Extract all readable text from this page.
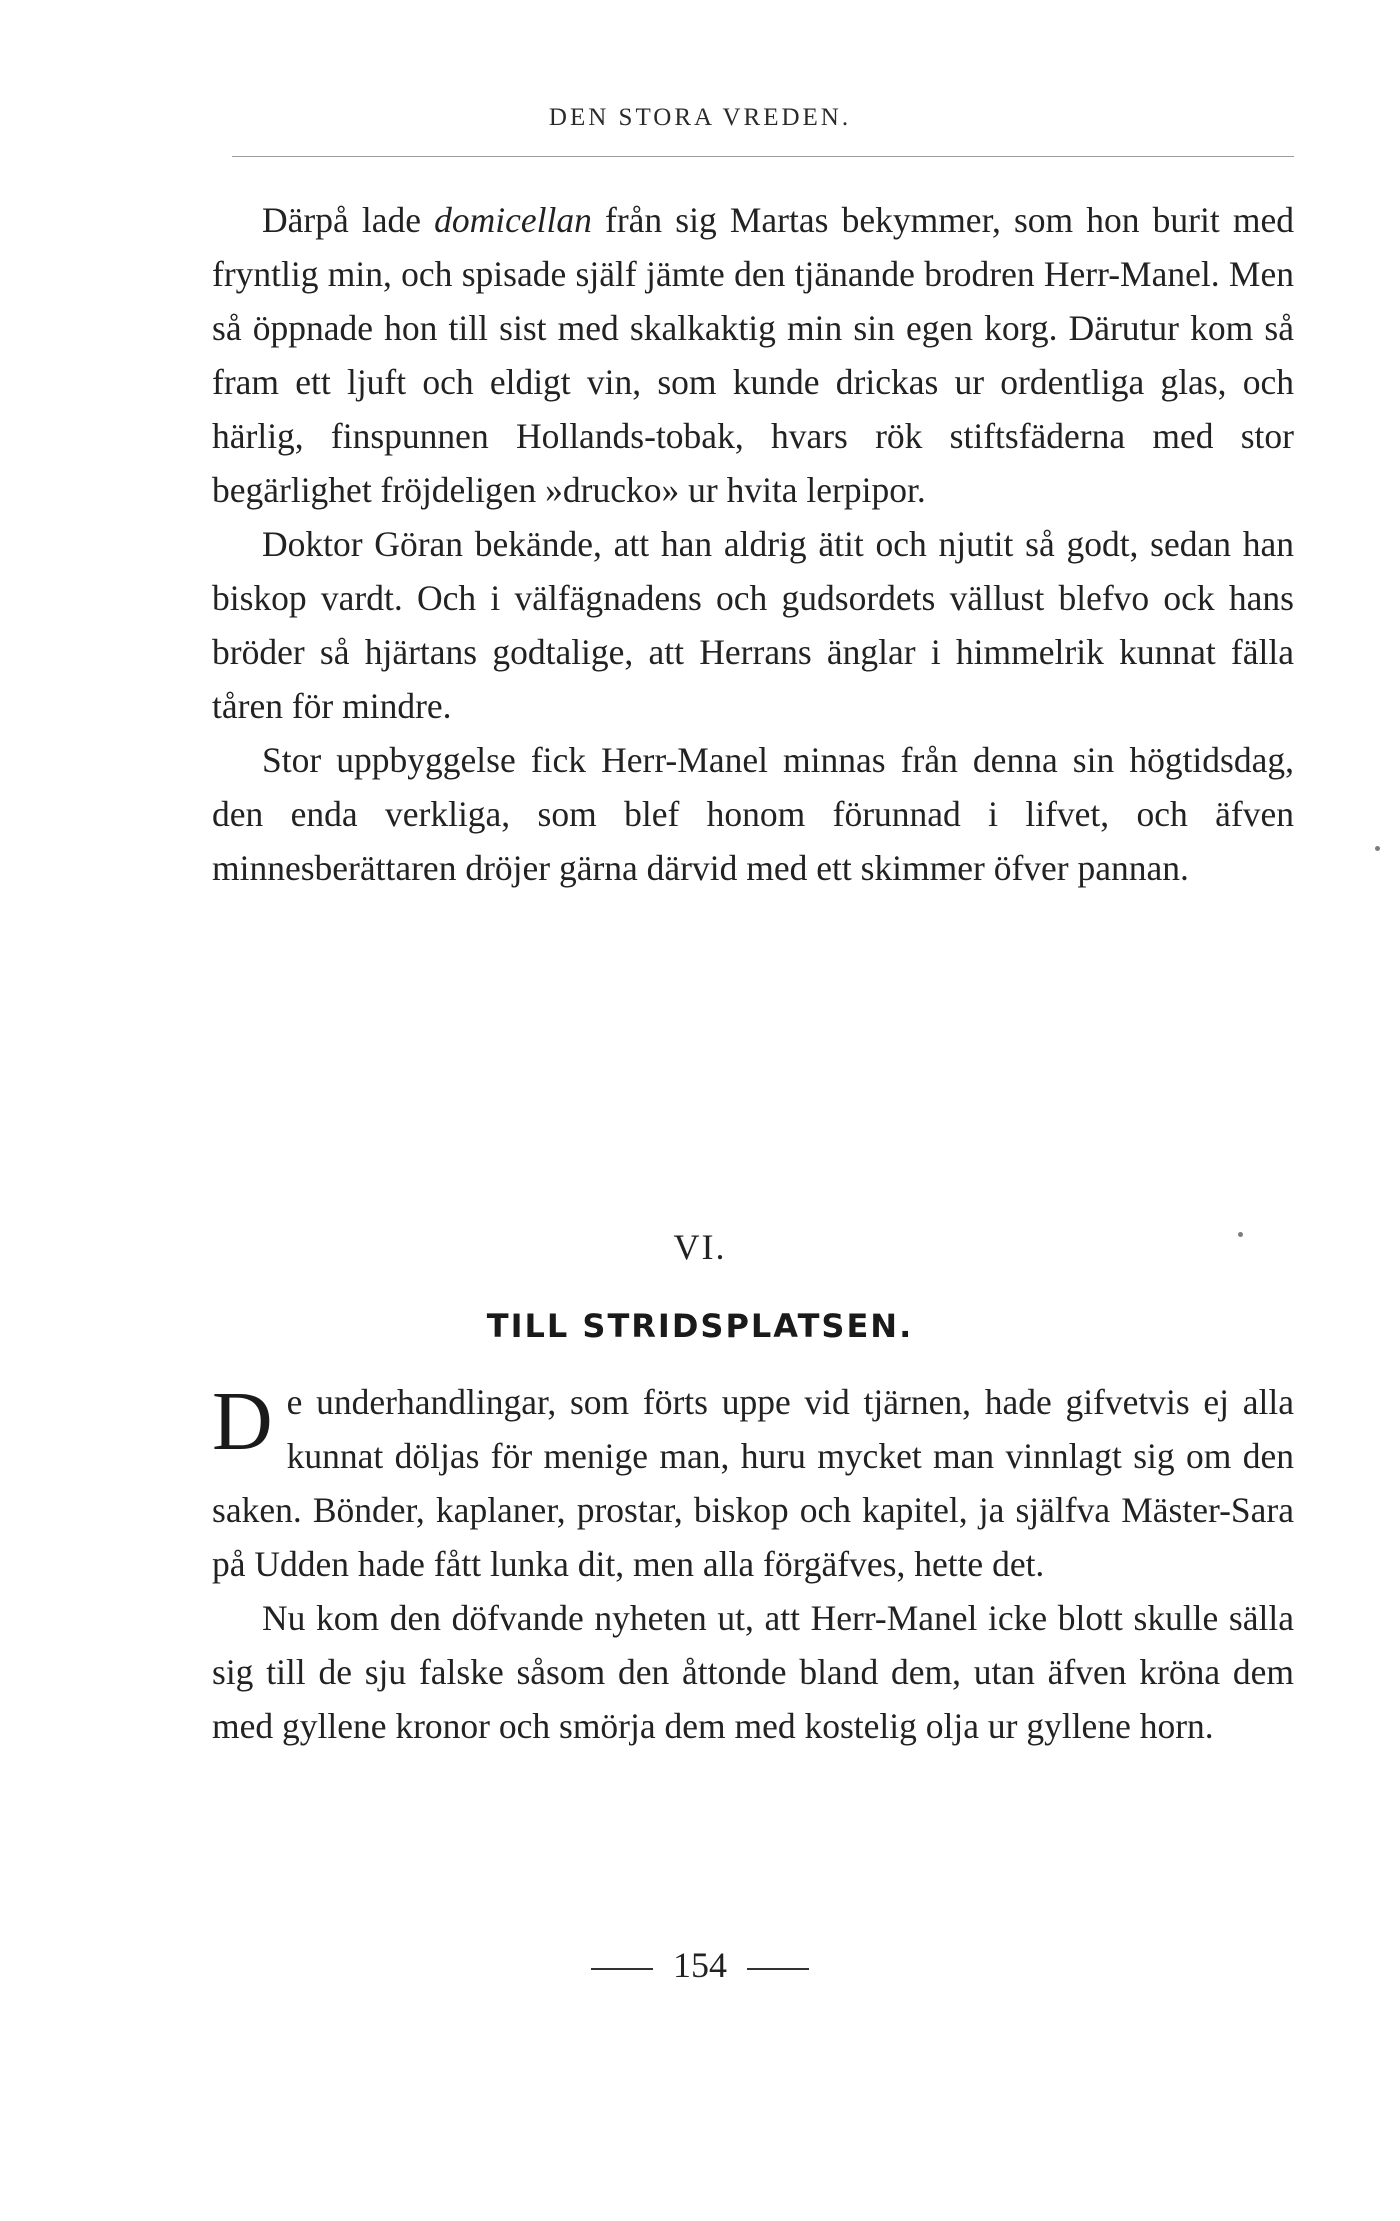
DEN STORA VREDEN.

Därpå lade domicellan från sig Martas bekymmer, som hon burit med fryntlig min, och spisade själf jämte den tjänande brodren Herr-Manel. Men så öppnade hon till sist med skalkaktig min sin egen korg. Därutur kom så fram ett ljuft och eldigt vin, som kunde drickas ur ordentliga glas, och härlig, finspunnen Hollands-tobak, hvars rök stiftsfäderna med stor begärlighet fröjdeligen »drucko» ur hvita lerpipor.

Doktor Göran bekände, att han aldrig ätit och njutit så godt, sedan han biskop vardt. Och i välfägnadens och gudsordets vällust blefvo ock hans bröder så hjärtans godtalige, att Herrans änglar i himmelrik kunnat fälla tåren för mindre.

Stor uppbyggelse fick Herr-Manel minnas från denna sin högtidsdag, den enda verkliga, som blef honom förunnad i lifvet, och äfven minnesberättaren dröjer gärna därvid med ett skimmer öfver pannan.

VI.
TILL STRIDSPLATSEN.

De underhandlingar, som förts uppe vid tjärnen, hade gifvetvis ej alla kunnat döljas för menige man, huru mycket man vinnlagt sig om den saken. Bönder, kaplaner, prostar, biskop och kapitel, ja själfva Mäster-Sara på Udden hade fått lunka dit, men alla förgäfves, hette det.

Nu kom den döfvande nyheten ut, att Herr-Manel icke blott skulle sälla sig till de sju falske såsom den åttonde bland dem, utan äfven kröna dem med gyllene kronor och smörja dem med kostelig olja ur gyllene horn.

154
